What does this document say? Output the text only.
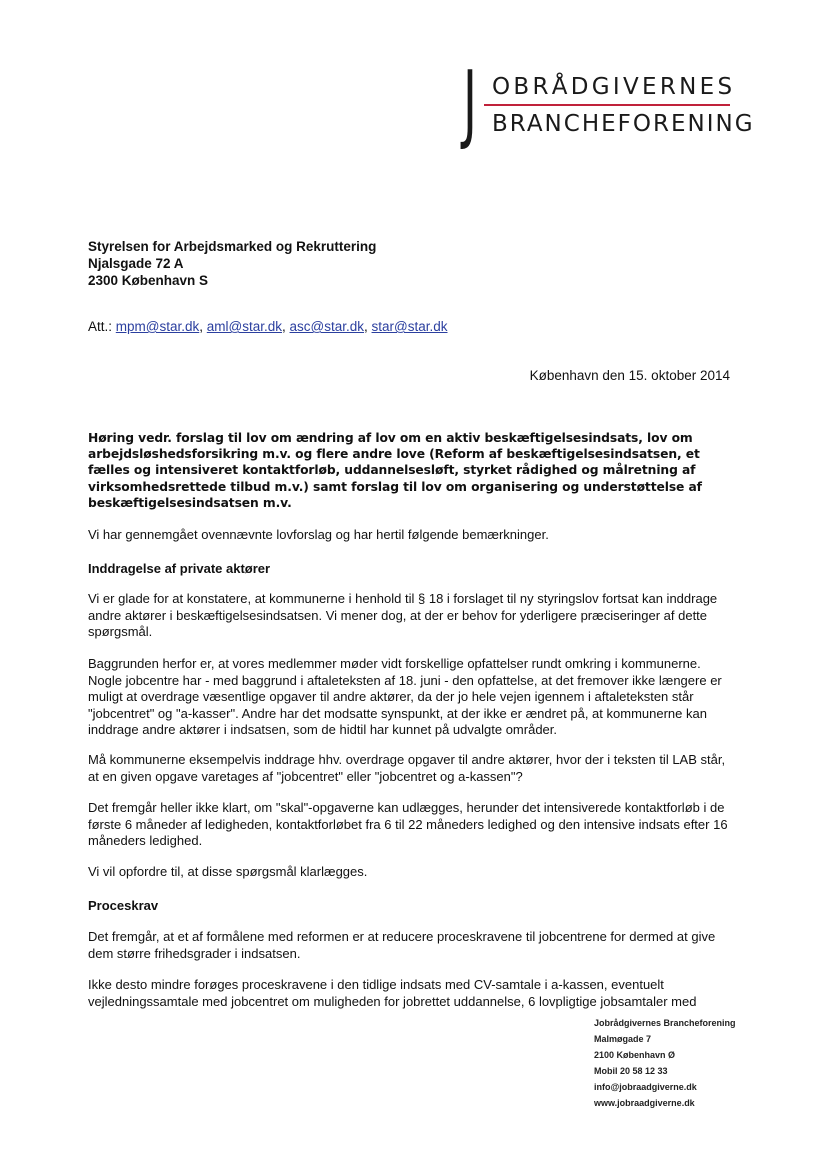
J OBRÅDGIVERNES
BRANCHEFORENING
Styrelsen for Arbejdsmarked og Rekruttering
Njalsgade 72 A
2300 København S
Att.: mpm@star.dk, aml@star.dk, asc@star.dk, star@star.dk
København den 15. oktober 2014
Høring vedr. forslag til lov om ændring af lov om en aktiv beskæftigelsesindsats, lov om arbejdsløshedsforsikring m.v. og flere andre love (Reform af beskæftigelsesindsatsen, et fælles og intensiveret kontaktforløb, uddannelsesløft, styrket rådighed og målretning af virksomhedsrettede tilbud m.v.) samt forslag til lov om organisering og understøttelse af beskæftigelsesindsatsen m.v.
Vi har gennemgået ovennævnte lovforslag og har hertil følgende bemærkninger.
Inddragelse af private aktører
Vi er glade for at konstatere, at kommunerne i henhold til § 18 i forslaget til ny styringslov fortsat kan inddrage andre aktører i beskæftigelsesindsatsen. Vi mener dog, at der er behov for yderligere præciseringer af dette spørgsmål.
Baggrunden herfor er, at vores medlemmer møder vidt forskellige opfattelser rundt omkring i kommunerne. Nogle jobcentre har - med baggrund i aftaleteksten af 18. juni - den opfattelse, at det fremover ikke længere er muligt at overdrage væsentlige opgaver til andre aktører, da der jo hele vejen igennem i aftaleteksten står "jobcentret" og "a-kasser". Andre har det modsatte synspunkt, at der ikke er ændret på, at kommunerne kan inddrage andre aktører i indsatsen, som de hidtil har kunnet på udvalgte områder.
Må kommunerne eksempelvis inddrage hhv. overdrage opgaver til andre aktører, hvor der i teksten til LAB står, at en given opgave varetages af "jobcentret" eller "jobcentret og a-kassen"?
Det fremgår heller ikke klart, om "skal"-opgaverne kan udlægges, herunder det intensiverede kontaktforløb i de første 6 måneder af ledigheden, kontaktforløbet fra 6 til 22 måneders ledighed og den intensive indsats efter 16 måneders ledighed.
Vi vil opfordre til, at disse spørgsmål klarlægges.
Proceskrav
Det fremgår, at et af formålene med reformen er at reducere proceskravene til jobcentrene for dermed at give dem større frihedsgrader i indsatsen.
Ikke desto mindre forøges proceskravene i den tidlige indsats med CV-samtale i a-kassen, eventuelt vejledningssamtale med jobcentret om muligheden for jobrettet uddannelse, 6 lovpligtige jobsamtaler med
Jobrådgivernes Brancheforening
Malmøgade 7
2100 København Ø
Mobil 20 58 12 33
info@jobraadgiverne.dk
www.jobraadgiverne.dk
